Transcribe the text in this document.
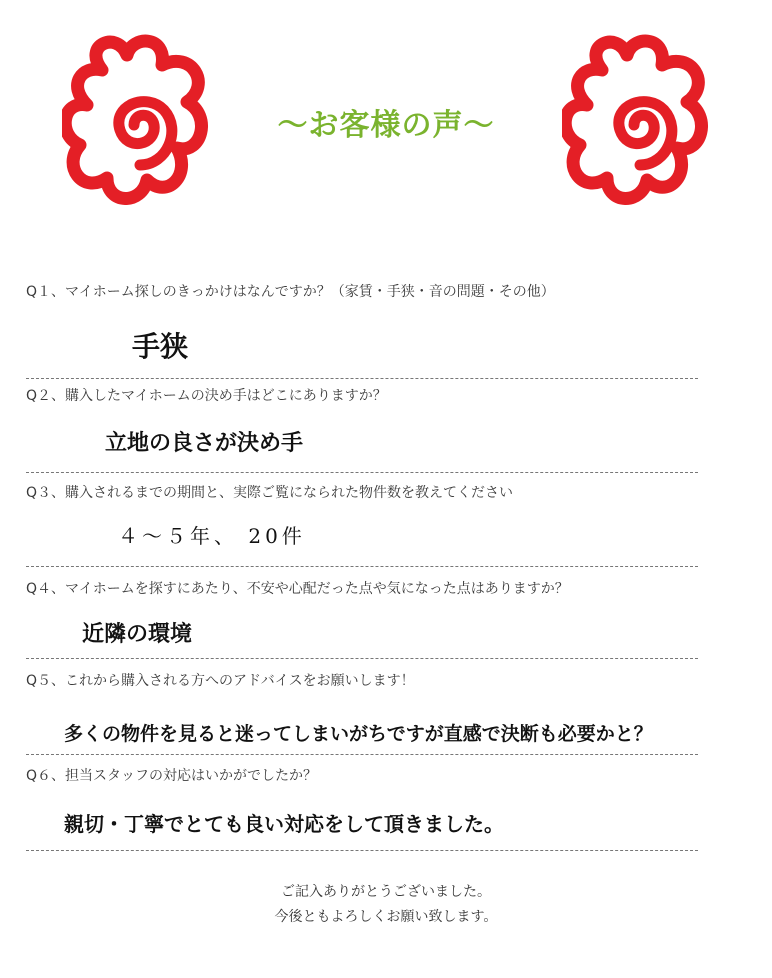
〜お客様の声〜
Q１、マイホーム探しのきっかけはなんですか？（家賃・手狭・音の問題・その他）
手狭
Q２、購入したマイホームの決め手はどこにありますか？
立地の良さが決め手
Q３、購入されるまでの期間と、実際ご覧になられた物件数を教えてください
４〜５年、 20件
Q４、マイホームを探すにあたり、不安や心配だった点や気になった点はありますか？
近隣の環境
Q５、これから購入される方へのアドバイスをお願いします！
多くの物件を見ると迷ってしまいがちですが直感で決断も必要かと？
Q６、担当スタッフの対応はいかがでしたか？
親切・丁寧でとても良い対応をして頂きました。
ご記入ありがとうございました。
今後ともよろしくお願い致します。
